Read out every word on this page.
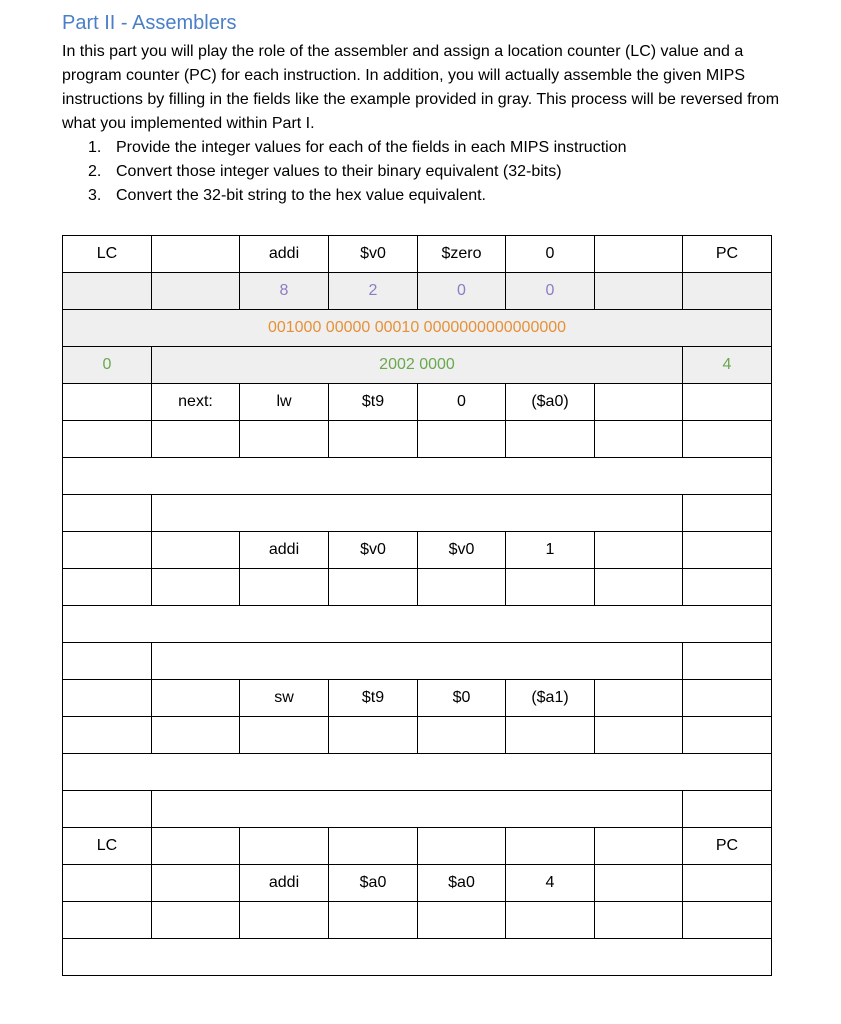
Part II - Assemblers

In this part you will play the role of the assembler and assign a location counter (LC) value and a program counter (PC) for each instruction. In addition, you will actually assemble the given MIPS instructions by filling in the fields like the example provided in gray. This process will be reversed from what you implemented within Part I.

1. Provide the integer values for each of the fields in each MIPS instruction
2. Convert those integer values to their binary equivalent (32-bits)
3. Convert the 32-bit string to the hex value equivalent.
LC		addi	$v0	$zero	0		PC
		8	2	0	0		
001000 00000 00010 0000000000000000							
0	2002 0000						4
	next:	lw	$t9	0	($a0)		

		addi	$v0	$v0	1		

		sw	$t9	$0	($a1)		

LC							PC
		addi	$a0	$a0	4		
